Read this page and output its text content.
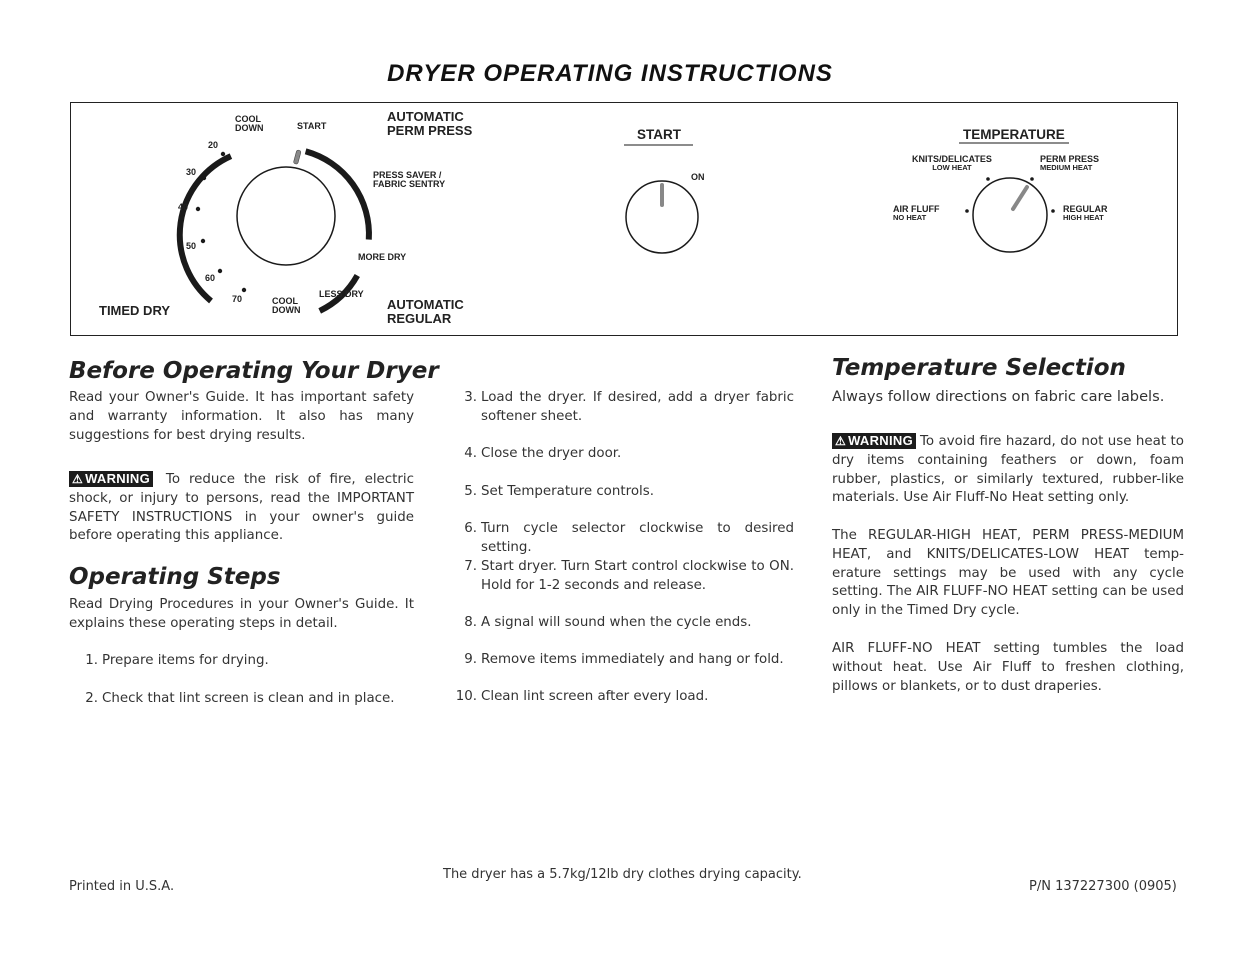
DRYER OPERATING INSTRUCTIONS
COOL
DOWN	START
AUTOMATIC
PERM PRESS
PRESS SAVER /
FABRIC SENTRY
MORE DRY
LESS DRY
COOL
DOWN	AUTOMATIC
REGULAR
TIMED DRY
20
30
40
50
60
70
START
ON
TEMPERATURE
KNITS/DELICATES
LOW HEAT
PERM PRESS
MEDIUM HEAT
AIR FLUFF
NO HEAT
REGULAR
HIGH HEAT
Before Operating Your Dryer
Read your Owner's Guide. It has important safety and warranty information. It also has many suggestions for best drying results.
⚠ WARNING To reduce the risk of fire, electric shock, or injury to persons, read the IMPORTANT SAFETY INSTRUCTIONS in your owner's guide before operating this appliance.
Operating Steps
Read Drying Procedures in your Owner's Guide. It explains these operating steps in detail.
1. Prepare items for drying.
2. Check that lint screen is clean and in place.
3. Load the dryer. If desired, add a dryer fabric softener sheet.
4. Close the dryer door.
5. Set Temperature controls.
6. Turn cycle selector clockwise to desired setting.
7. Start dryer. Turn Start control clockwise to ON. Hold for 1-2 seconds and release.
8. A signal will sound when the cycle ends.
9. Remove items immediately and hang or fold.
10. Clean lint screen after every load.
Temperature Selection
Always follow directions on fabric care labels.
⚠ WARNING To avoid fire hazard, do not use heat to dry items containing feathers or down, foam rubber, plastics, or similarly textured, rubber-like materials. Use Air Fluff-No Heat setting only.
The REGULAR-HIGH HEAT, PERM PRESS-MEDIUM HEAT, and KNITS/DELICATES-LOW HEAT temp-erature settings may be used with any cycle setting. The AIR FLUFF-NO HEAT setting can be used only in the Timed Dry cycle.
AIR FLUFF-NO HEAT setting tumbles the load without heat. Use Air Fluff to freshen clothing, pillows or blankets, or to dust draperies.
Printed in U.S.A.
The dryer has a 5.7kg/12lb dry clothes drying capacity.
P/N 137227300 (0905)
